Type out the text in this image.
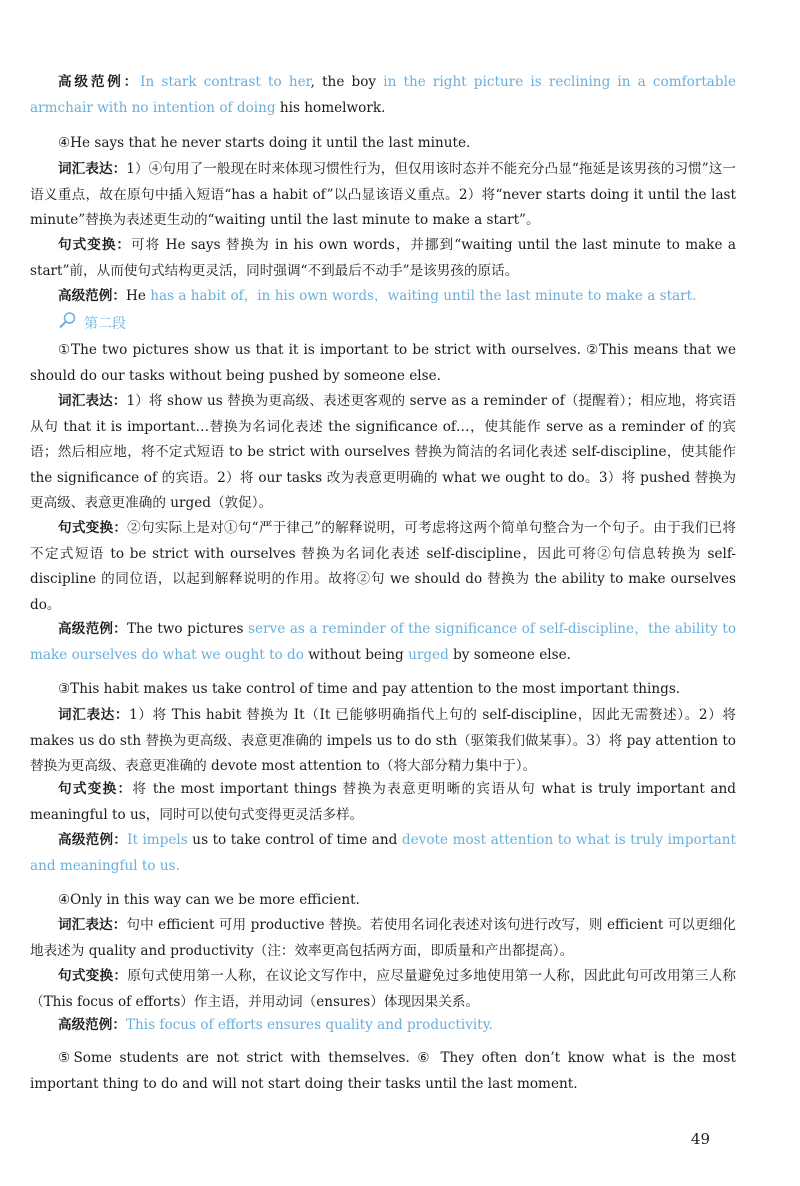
高级范例：In stark contrast to her, the boy in the right picture is reclining in a comfortable armchair with no intention of doing his homelwork.

④He says that he never starts doing it until the last minute.

词汇表达：1）④句用了一般现在时来体现习惯性行为，但仅用该时态并不能充分凸显“拖延是该男孩的习惯”这一语义重点，故在原句中插入短语“has a habit of”以凸显该语义重点。2）将“never starts doing it until the last minute”替换为表述更生动的“waiting until the last minute to make a start”。

句式变换：可将 He says 替换为 in his own words，并挪到“waiting until the last minute to make a start”前，从而使句式结构更灵活，同时强调“不到最后不动手”是该男孩的原话。

高级范例：He has a habit of，in his own words，waiting until the last minute to make a start.

第二段

①The two pictures show us that it is important to be strict with ourselves. ②This means that we should do our tasks without being pushed by someone else.

词汇表达：1）将 show us 替换为更高级、表述更客观的 serve as a reminder of（提醒着）；相应地，将宾语从句 that it is important…替换为名词化表述 the significance of…，使其能作 serve as a reminder of 的宾语；然后相应地，将不定式短语 to be strict with ourselves 替换为简洁的名词化表述 self-discipline，使其能作 the significance of 的宾语。2）将 our tasks 改为表意更明确的 what we ought to do。3）将 pushed 替换为更高级、表意更准确的 urged（敦促）。

句式变换：②句实际上是对①句“严于律己”的解释说明，可考虑将这两个简单句整合为一个句子。由于我们已将不定式短语 to be strict with ourselves 替换为名词化表述 self-discipline，因此可将②句信息转换为 self-discipline 的同位语，以起到解释说明的作用。故将②句 we should do 替换为 the ability to make ourselves do。

高级范例：The two pictures serve as a reminder of the significance of self-discipline，the ability to make ourselves do what we ought to do without being urged by someone else.

③This habit makes us take control of time and pay attention to the most important things.

词汇表达：1）将 This habit 替换为 It（It 已能够明确指代上句的 self-discipline，因此无需赘述）。2）将 makes us do sth 替换为更高级、表意更准确的 impels us to do sth（驱策我们做某事）。3）将 pay attention to 替换为更高级、表意更准确的 devote most attention to（将大部分精力集中于）。

句式变换：将 the most important things 替换为表意更明晰的宾语从句 what is truly important and meaningful to us，同时可以使句式变得更灵活多样。

高级范例：It impels us to take control of time and devote most attention to what is truly important and meaningful to us.

④Only in this way can we be more efficient.

词汇表达：句中 efficient 可用 productive 替换。若使用名词化表述对该句进行改写，则 efficient 可以更细化地表述为 quality and productivity（注：效率更高包括两方面，即质量和产出都提高）。

句式变换：原句式使用第一人称，在议论文写作中，应尽量避免过多地使用第一人称，因此此句可改用第三人称（This focus of efforts）作主语，并用动词（ensures）体现因果关系。

高级范例：This focus of efforts ensures quality and productivity.

⑤Some students are not strict with themselves. ⑥ They often don’t know what is the most important thing to do and will not start doing their tasks until the last moment.

49
